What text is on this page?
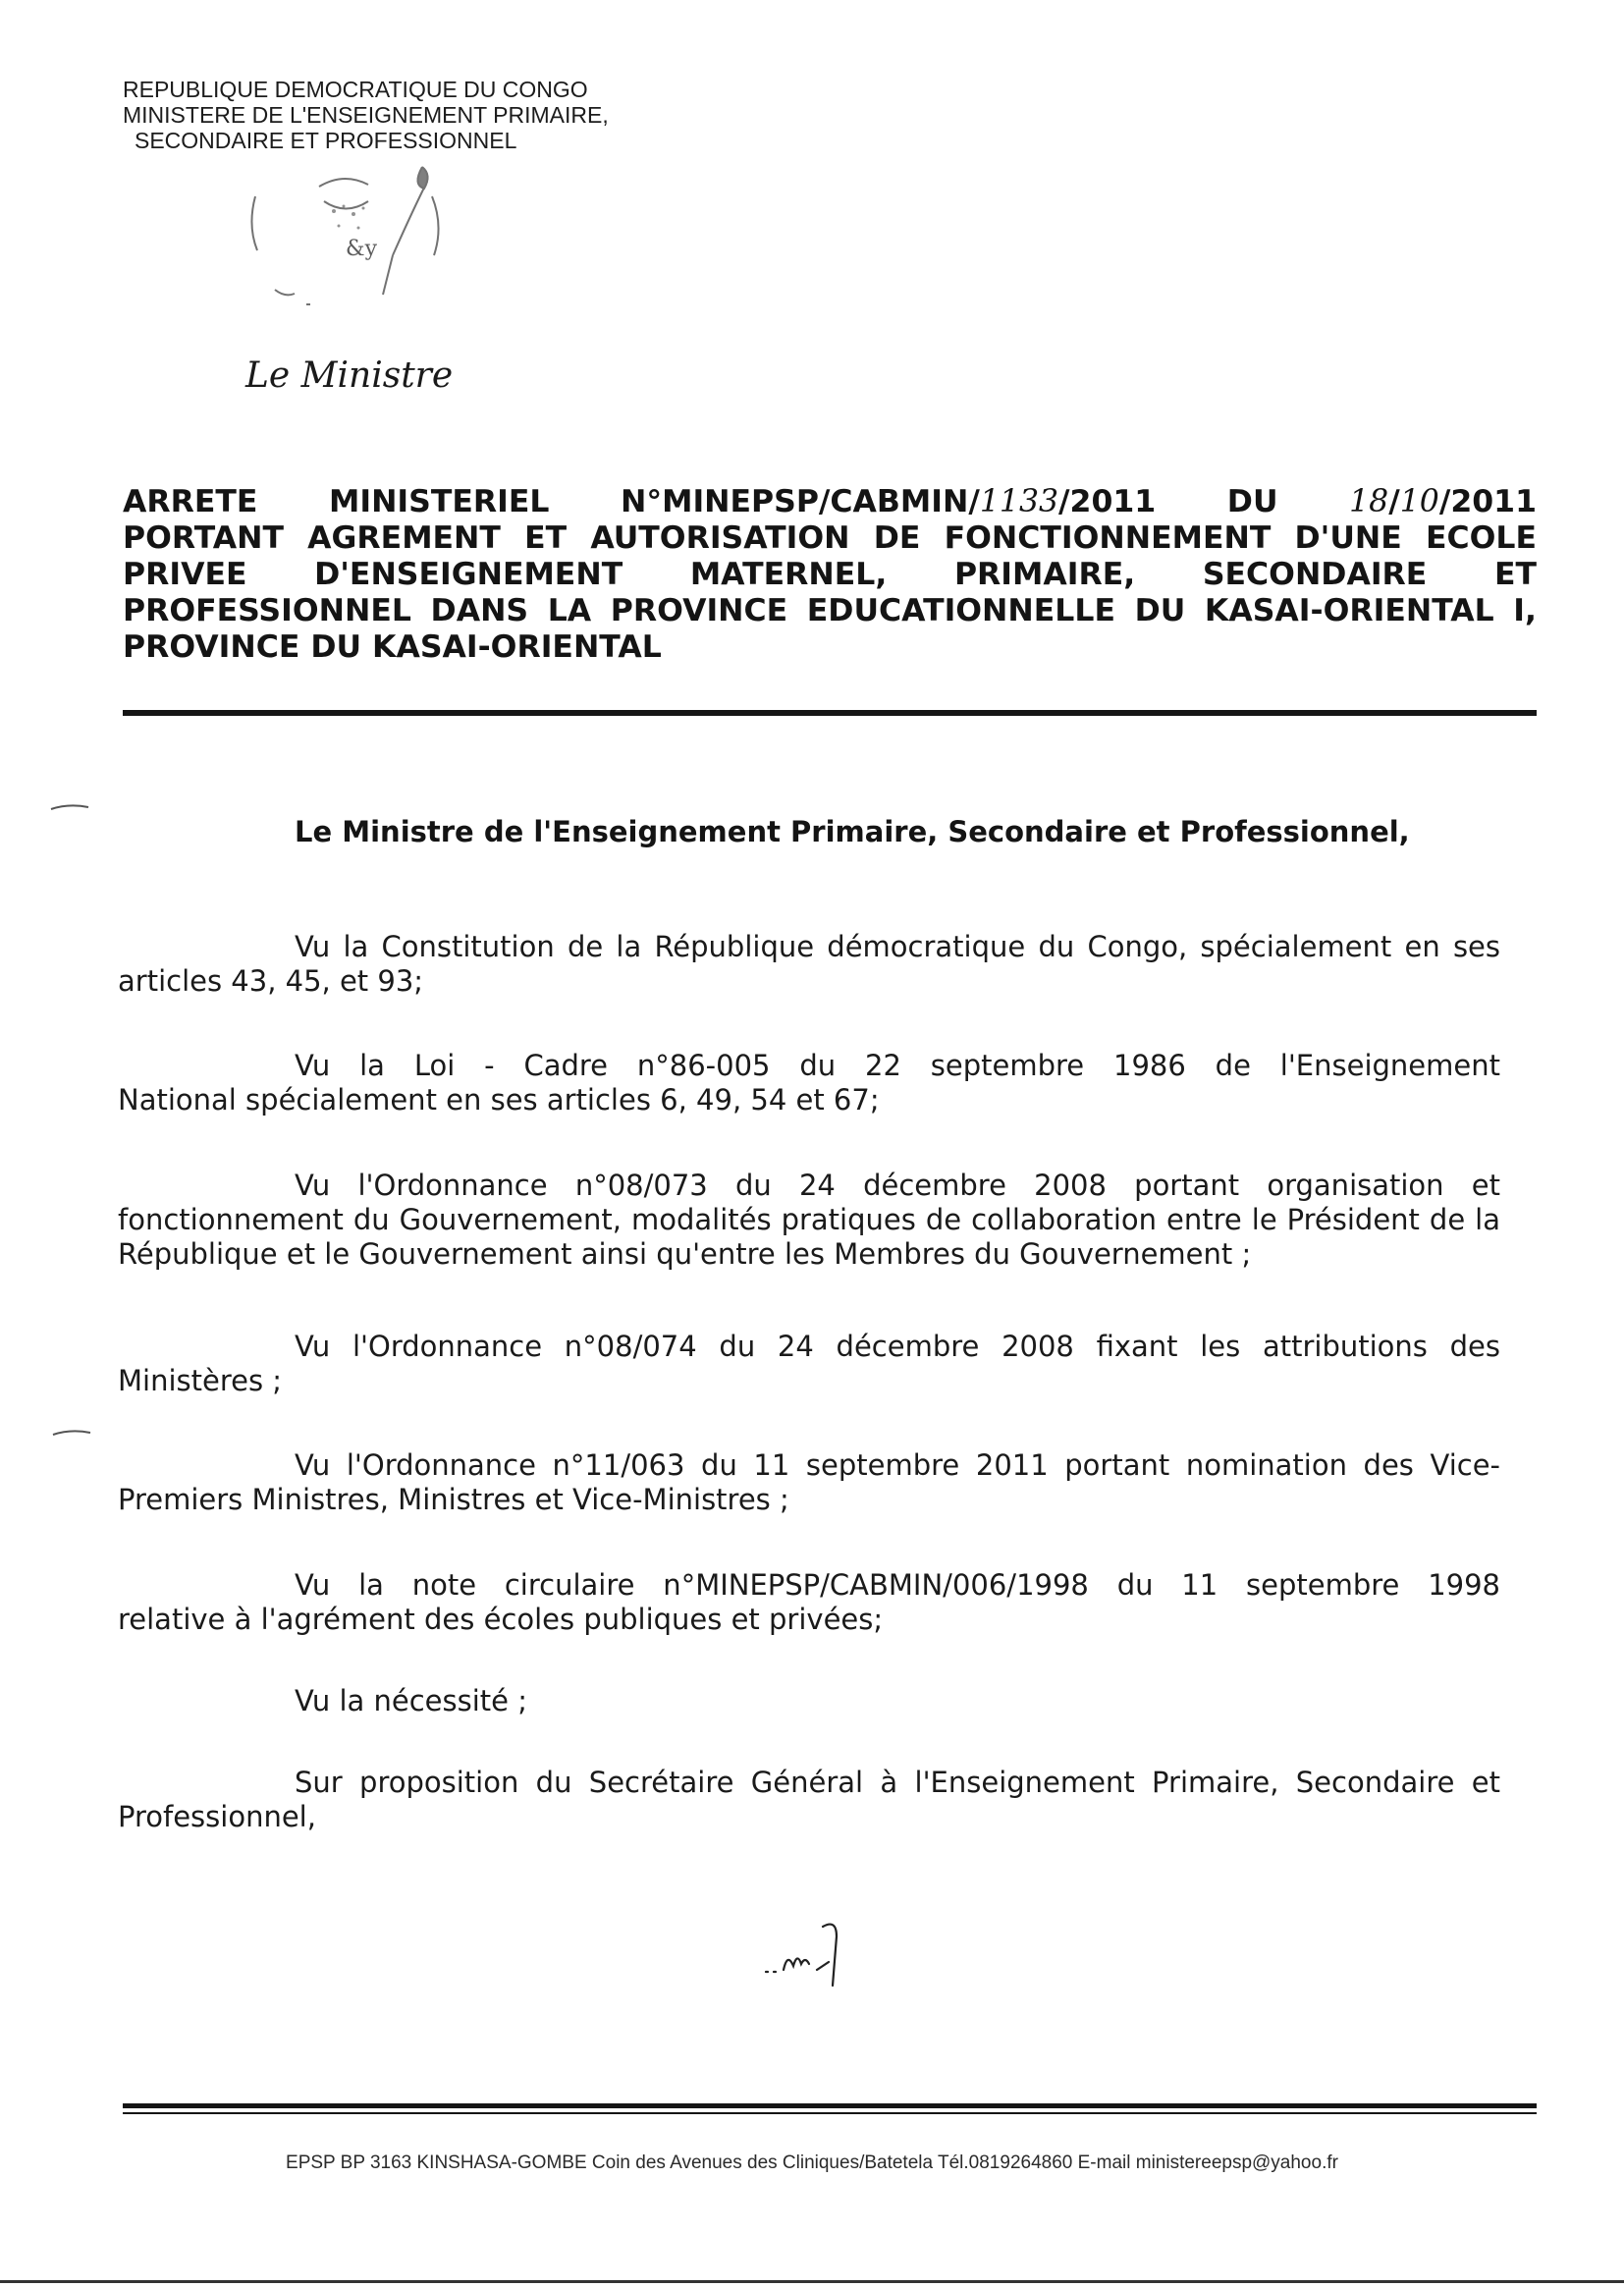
REPUBLIQUE DEMOCRATIQUE DU CONGO
MINISTERE DE L'ENSEIGNEMENT PRIMAIRE,
SECONDAIRE ET PROFESSIONNEL
&y
Le Ministre
ARRETE MINISTERIEL N°MINEPSP/CABMIN/1133/2011 DU 18/10/2011
PORTANT AGREMENT ET AUTORISATION DE FONCTIONNEMENT D'UNE ECOLE
PRIVEE D'ENSEIGNEMENT MATERNEL, PRIMAIRE, SECONDAIRE ET
PROFESSIONNEL DANS LA PROVINCE EDUCATIONNELLE DU KASAI-ORIENTAL I,
PROVINCE DU KASAI-ORIENTAL
Le Ministre de l'Enseignement Primaire, Secondaire et Professionnel,
Vu la Constitution de la République démocratique du Congo, spécialement en ses
articles 43, 45, et 93;
Vu la Loi - Cadre n°86-005 du 22 septembre 1986 de l'Enseignement
National spécialement en ses articles 6, 49, 54 et 67;
Vu l'Ordonnance n°08/073 du 24 décembre 2008 portant organisation et
fonctionnement du Gouvernement, modalités pratiques de collaboration entre le Président de la République et le Gouvernement ainsi qu'entre les Membres du Gouvernement ;
Vu l'Ordonnance n°08/074 du 24 décembre 2008 fixant les attributions des
Ministères ;
Vu l'Ordonnance n°11/063 du 11 septembre 2011 portant nomination des Vice-
Premiers Ministres, Ministres et Vice-Ministres ;
Vu la note circulaire n°MINEPSP/CABMIN/006/1998 du 11 septembre 1998
relative à l'agrément des écoles publiques et privées;
Vu la nécessité ;
Sur proposition du Secrétaire Général à l'Enseignement Primaire, Secondaire et
Professionnel,
EPSP BP 3163 KINSHASA-GOMBE Coin des Avenues des Cliniques/Batetela Tél.0819264860 E-mail ministereepsp@yahoo.fr
